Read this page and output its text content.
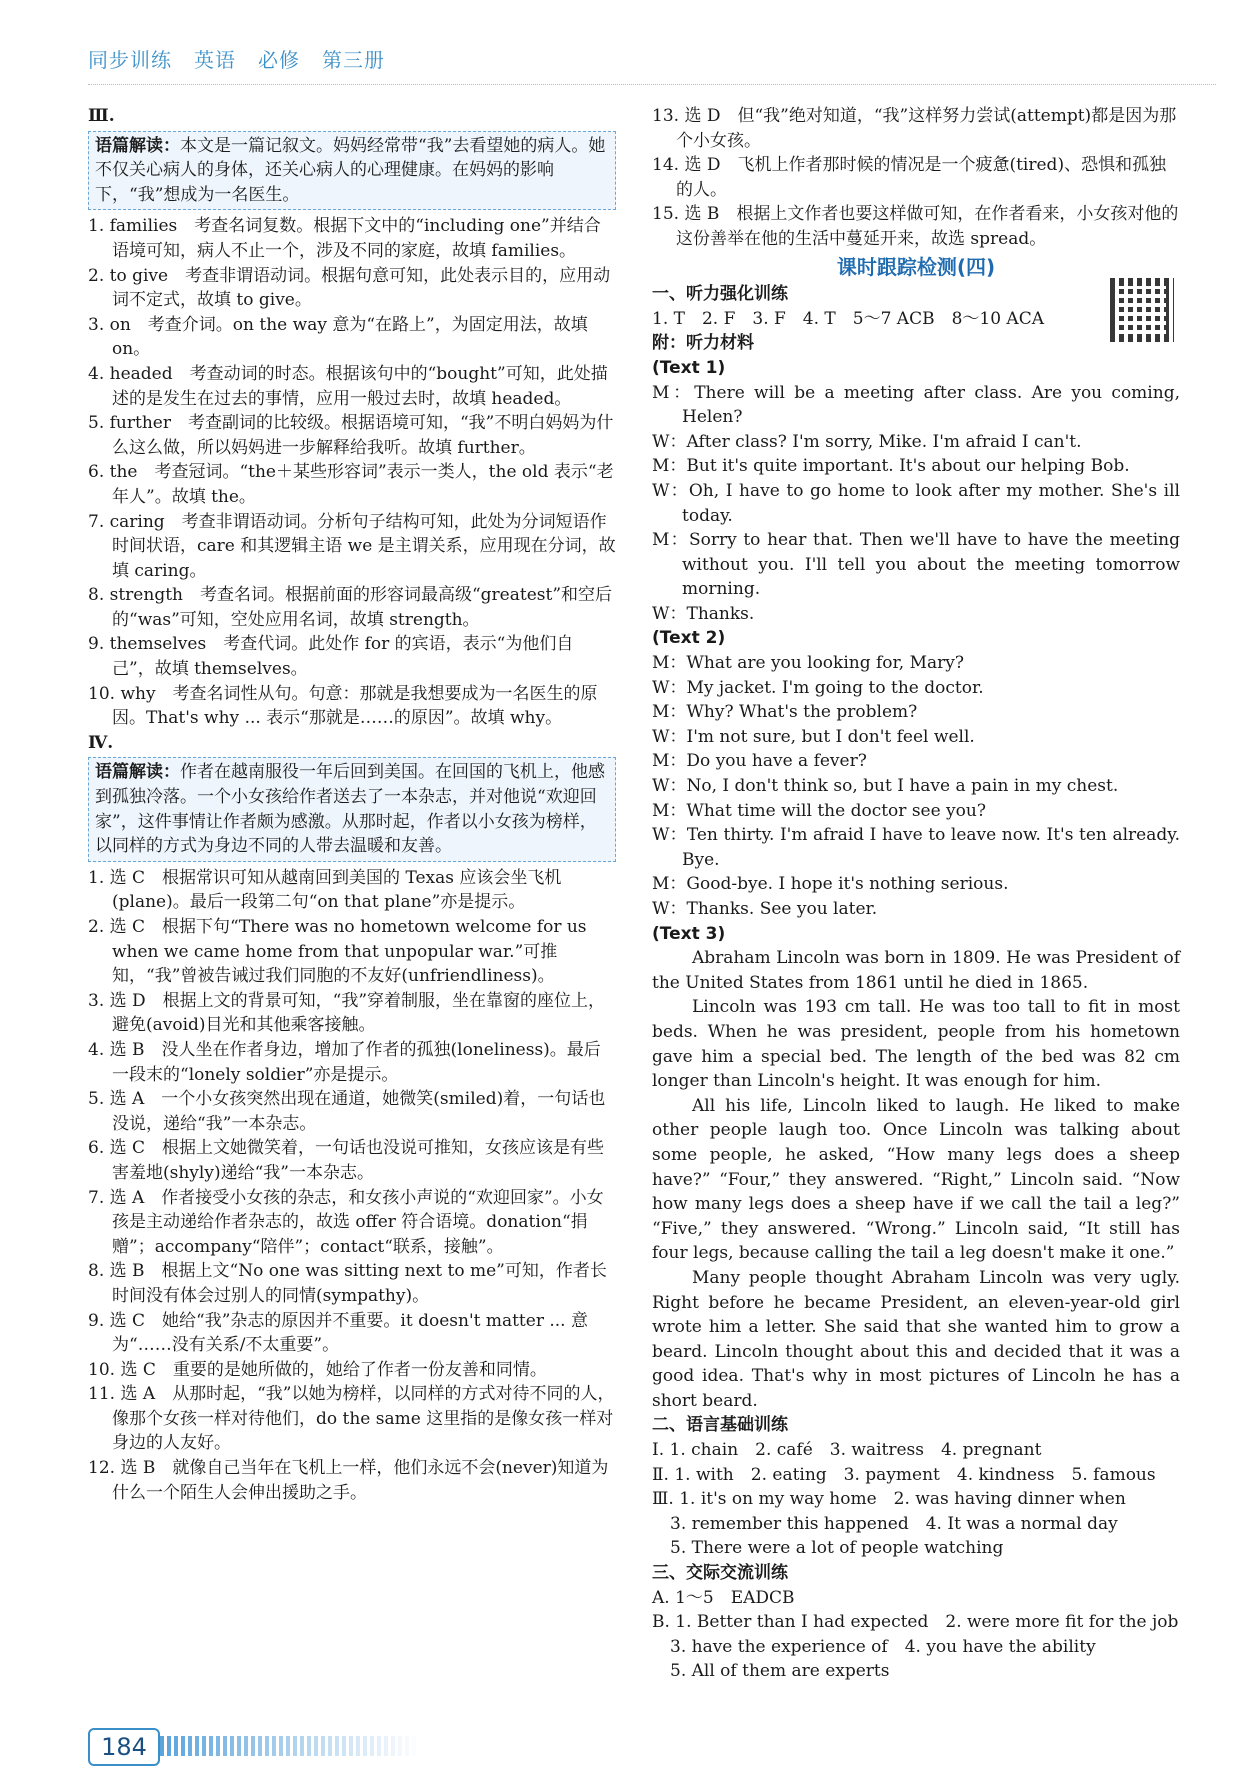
同步训练 英语 必修 第三册

Ⅲ.

语篇解读：本文是一篇记叙文。妈妈经常带“我”去看望她的病人。她不仅关心病人的身体，还关心病人的心理健康。在妈妈的影响下，“我”想成为一名医生。

1. families　考查名词复数。根据下文中的“including one”并结合语境可知，病人不止一个，涉及不同的家庭，故填 families。

2. to give　考查非谓语动词。根据句意可知，此处表示目的，应用动词不定式，故填 to give。

3. on　考查介词。on the way 意为“在路上”，为固定用法，故填 on。

4. headed　考查动词的时态。根据该句中的“bought”可知，此处描述的是发生在过去的事情，应用一般过去时，故填 headed。

5. further　考查副词的比较级。根据语境可知，“我”不明白妈妈为什么这么做，所以妈妈进一步解释给我听。故填 further。

6. the　考查冠词。“the＋某些形容词”表示一类人，the old 表示“老年人”。故填 the。

7. caring　考查非谓语动词。分析句子结构可知，此处为分词短语作时间状语，care 和其逻辑主语 we 是主谓关系，应用现在分词，故填 caring。

8. strength　考查名词。根据前面的形容词最高级“greatest”和空后的“was”可知，空处应用名词，故填 strength。

9. themselves　考查代词。此处作 for 的宾语，表示“为他们自己”，故填 themselves。

10. why　考查名词性从句。句意：那就是我想要成为一名医生的原因。That's why ... 表示“那就是……的原因”。故填 why。

Ⅳ.

语篇解读：作者在越南服役一年后回到美国。在回国的飞机上，他感到孤独冷落。一个小女孩给作者送去了一本杂志，并对他说“欢迎回家”，这件事情让作者颇为感激。从那时起，作者以小女孩为榜样，以同样的方式为身边不同的人带去温暖和友善。

1. 选 C　根据常识可知从越南回到美国的 Texas 应该会坐飞机(plane)。最后一段第二句“on that plane”亦是提示。

2. 选 C　根据下句“There was no hometown welcome for us when we came home from that unpopular war.”可推知，“我”曾被告诫过我们同胞的不友好(unfriendliness)。

3. 选 D　根据上文的背景可知，“我”穿着制服，坐在靠窗的座位上，避免(avoid)目光和其他乘客接触。

4. 选 B　没人坐在作者身边，增加了作者的孤独(loneliness)。最后一段末的“lonely soldier”亦是提示。

5. 选 A　一个小女孩突然出现在通道，她微笑(smiled)着，一句话也没说，递给“我”一本杂志。

6. 选 C　根据上文她微笑着，一句话也没说可推知，女孩应该是有些害羞地(shyly)递给“我”一本杂志。

7. 选 A　作者接受小女孩的杂志，和女孩小声说的“欢迎回家”。小女孩是主动递给作者杂志的，故选 offer 符合语境。donation“捐赠”；accompany“陪伴”；contact“联系，接触”。

8. 选 B　根据上文“No one was sitting next to me”可知，作者长时间没有体会过别人的同情(sympathy)。

9. 选 C　她给“我”杂志的原因并不重要。it doesn't matter ... 意为“……没有关系/不太重要”。

10. 选 C　重要的是她所做的，她给了作者一份友善和同情。

11. 选 A　从那时起，“我”以她为榜样，以同样的方式对待不同的人，像那个女孩一样对待他们，do the same 这里指的是像女孩一样对身边的人友好。

12. 选 B　就像自己当年在飞机上一样，他们永远不会(never)知道为什么一个陌生人会伸出援助之手。

13. 选 D　但“我”绝对知道，“我”这样努力尝试(attempt)都是因为那个小女孩。

14. 选 D　飞机上作者那时候的情况是一个疲惫(tired)、恐惧和孤独的人。

15. 选 B　根据上文作者也要这样做可知，在作者看来，小女孩对他的这份善举在他的生活中蔓延开来，故选 spread。

课时跟踪检测(四)

一、听力强化训练

1. T　2. F　3. F　4. T　5～7 ACB　8～10 ACA

附：听力材料

(Text 1)

M：There will be a meeting after class. Are you coming, Helen?

W：After class? I'm sorry, Mike. I'm afraid I can't.

M：But it's quite important. It's about our helping Bob.

W：Oh, I have to go home to look after my mother. She's ill today.

M：Sorry to hear that. Then we'll have to have the meeting without you. I'll tell you about the meeting tomorrow morning.

W：Thanks.

(Text 2)

M：What are you looking for, Mary?

W：My jacket. I'm going to the doctor.

M：Why? What's the problem?

W：I'm not sure, but I don't feel well.

M：Do you have a fever?

W：No, I don't think so, but I have a pain in my chest.

M：What time will the doctor see you?

W：Ten thirty. I'm afraid I have to leave now. It's ten already. Bye.

M：Good-bye. I hope it's nothing serious.

W：Thanks. See you later.

(Text 3)

Abraham Lincoln was born in 1809. He was President of the United States from 1861 until he died in 1865.

Lincoln was 193 cm tall. He was too tall to fit in most beds. When he was president, people from his hometown gave him a special bed. The length of the bed was 82 cm longer than Lincoln's height. It was enough for him.

All his life, Lincoln liked to laugh. He liked to make other people laugh too. Once Lincoln was talking about some people, he asked, “How many legs does a sheep have?” “Four,” they answered. “Right,” Lincoln said. “Now how many legs does a sheep have if we call the tail a leg?” “Five,” they answered. “Wrong.” Lincoln said, “It still has four legs, because calling the tail a leg doesn't make it one.”

Many people thought Abraham Lincoln was very ugly. Right before he became President, an eleven-year-old girl wrote him a letter. She said that she wanted him to grow a beard. Lincoln thought about this and decided that it was a good idea. That's why in most pictures of Lincoln he has a short beard.

二、语言基础训练

Ⅰ. 1. chain　2. café　3. waitress　4. pregnant

Ⅱ. 1. with　2. eating　3. payment　4. kindness　5. famous

Ⅲ. 1. it's on my way home　2. was having dinner when

3. remember this happened　4. It was a normal day

5. There were a lot of people watching

三、交际交流训练

A. 1～5　EADCB

B. 1. Better than I had expected　2. were more fit for the job

3. have the experience of　4. you have the ability

5. All of them are experts

184
